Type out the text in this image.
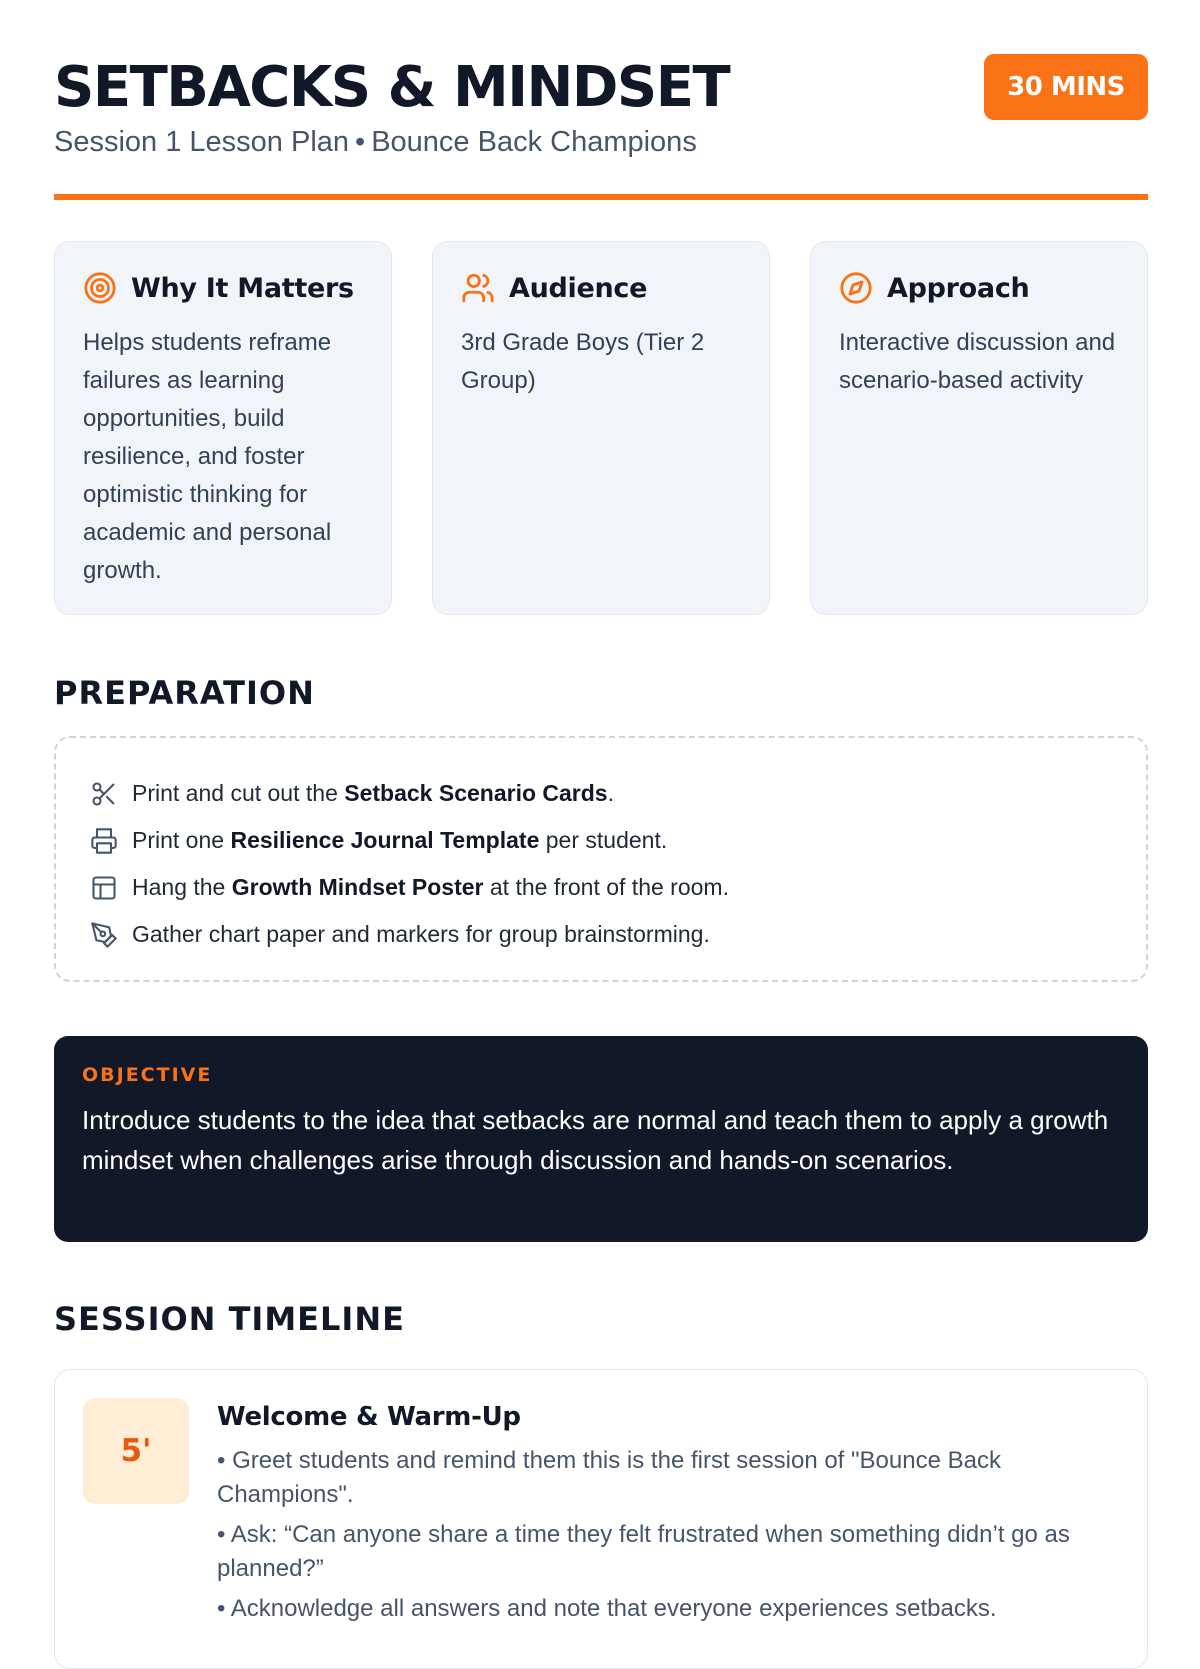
SETBACKS & MINDSET
Session 1 Lesson Plan • Bounce Back Champions
30 MINS
Why It Matters

Helps students reframe failures as learning opportunities, build resilience, and foster optimistic thinking for academic and personal growth.

Audience

3rd Grade Boys (Tier 2 Group)

Approach

Interactive discussion and scenario-based activity

PREPARATION
Print and cut out the Setback Scenario Cards.
Print one Resilience Journal Template per student.
Hang the Growth Mindset Poster at the front of the room.
Gather chart paper and markers for group brainstorming.
OBJECTIVE

Introduce students to the idea that setbacks are normal and teach them to apply a growth mindset when challenges arise through discussion and hands-on scenarios.

SESSION TIMELINE
5'
Welcome & Warm-Up

• Greet students and remind them this is the first session of "Bounce Back Champions".

• Ask: “Can anyone share a time they felt frustrated when something didn’t go as planned?”

• Acknowledge all answers and note that everyone experiences setbacks.
